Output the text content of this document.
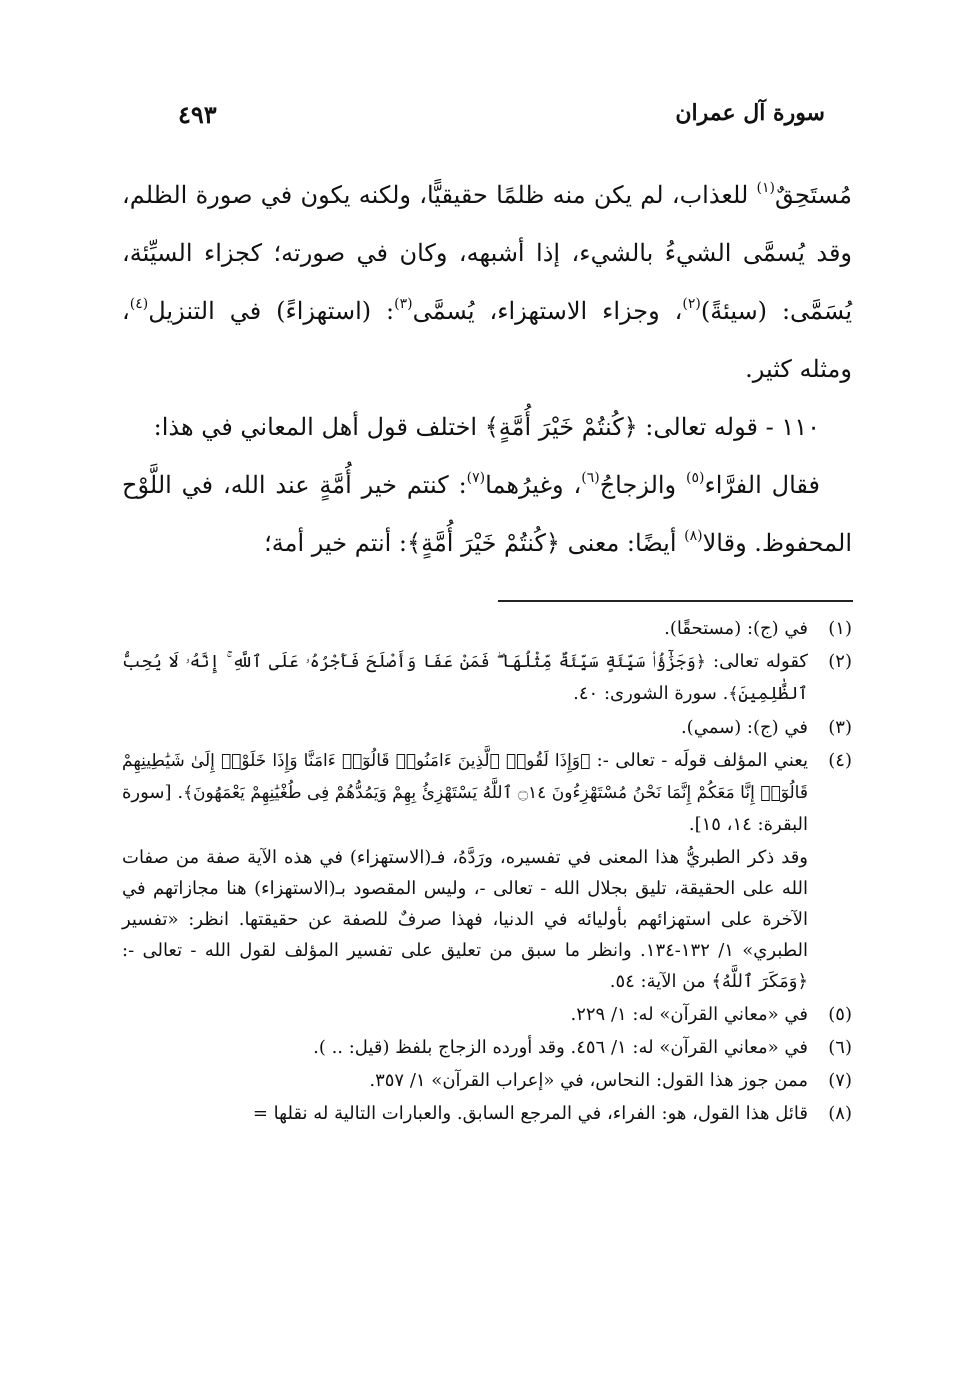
سورة آل عمران
٤٩٣

مُستَحِقٌ$^{(١)}$ للعذاب، لم يكن منه ظلمًا حقيقيًّا، ولكنه يكون في صورة الظلم، وقد يُسمَّى الشيءُ بالشيء، إذا أشبهه، وكان في صورته؛ كجزاء السيِّئة، يُسَمَّى: (سيئةً)$^{(٢)}$، وجزاء الاستهزاء، يُسمَّى$^{(٣)}$: (استهزاءً) في التنزيل$^{(٤)}$، ومثله كثير.

١١٠ - قوله تعالى: ﴿كُنتُمْ خَيْرَ أُمَّةٍ﴾ اختلف قول أهل المعاني في هذا:

فقال الفرَّاء$^{(٥)}$ والزجاجُ$^{(٦)}$، وغيرُهما$^{(٧)}$: كنتم خير أُمَّةٍ عند الله، في اللَّوْح المحفوظ. وقالا$^{(٨)}$ أيضًا: معنى ﴿كُنتُمْ خَيْرَ أُمَّةٍ﴾: أنتم خير أمة؛

(١)
في (ج): (مستحقًا).
(٢)
كقوله تعالى: ﴿وَجَزَٰٓؤُا۟ سَيِّئَةٍ سَيِّئَةٌ مِّثْلُهَا ۖ فَمَنْ عَفَا وَأَصْلَحَ فَأَجْرُهُۥ عَلَى ٱللَّهِ ۚ إِنَّهُۥ لَا يُحِبُّ ٱلظَّٰلِمِينَ﴾. سورة الشورى: ٤٠.
(٣)
في (ج): (سمي).
(٤)
يعني المؤلف قولَه - تعالى -: ﴿وَإِذَا لَقُوا۟ ٱلَّذِينَ ءَامَنُوا۟ قَالُوٓا۟ ءَامَنَّا وَإِذَا خَلَوْا۟ إِلَىٰ شَيَٰطِينِهِمْ قَالُوٓا۟ إِنَّا مَعَكُمْ إِنَّمَا نَحْنُ مُسْتَهْزِءُونَ ۝١٤ ٱللَّهُ يَسْتَهْزِئُ بِهِمْ وَيَمُدُّهُمْ فِى طُغْيَٰنِهِمْ يَعْمَهُونَ﴾. [سورة البقرة: ١٤، ١٥].
وقد ذكر الطبريُّ هذا المعنى في تفسيره، ورَدَّهُ، فـ(الاستهزاء) في هذه الآية صفة من صفات الله على الحقيقة، تليق بجلال الله - تعالى -، وليس المقصود بـ(الاستهزاء) هنا مجازاتهم في الآخرة على استهزائهم بأوليائه في الدنيا، فهذا صرفٌ للصفة عن حقيقتها. انظر: «تفسير الطبري» ١/ ١٣٢-١٣٤. وانظر ما سبق من تعليق على تفسير المؤلف لقول الله - تعالى -: ﴿وَمَكَرَ ٱللَّهُ﴾ من الآية: ٥٤.
(٥)
في «معاني القرآن» له: ١/ ٢٢٩.
(٦)
في «معاني القرآن» له: ١/ ٤٥٦. وقد أورده الزجاج بلفظ (قيل: .. ).
(٧)
ممن جوز هذا القول: النحاس، في «إعراب القرآن» ١/ ٣٥٧.
(٨)
قائل هذا القول، هو: الفراء، في المرجع السابق. والعبارات التالية له نقلها =
